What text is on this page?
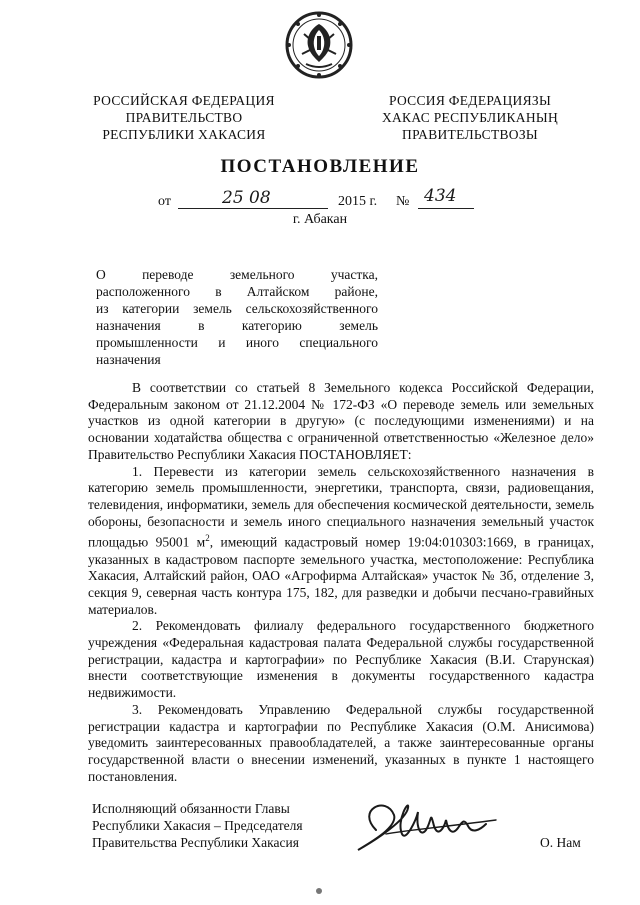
РОССИЙСКАЯ ФЕДЕРАЦИЯ
ПРАВИТЕЛЬСТВО
РЕСПУБЛИКИ ХАКАСИЯ
РОССИЯ ФЕДЕРАЦИЯЗЫ
ХАКАС РЕСПУБЛИКАНЫҢ
ПРАВИТЕЛЬСТВОЗЫ
ПОСТАНОВЛЕНИЕ
от	25 08	2015 г. № 434
г. Абакан
О переводе земельного участка,
расположенного в Алтайском районе,
из категории земель сельскохозяйственного
назначения в категорию земель
промышленности и иного специального
назначения

В соответствии со статьей 8 Земельного кодекса Российской Федерации, Федеральным законом от 21.12.2004 № 172-ФЗ «О переводе земель или земельных участков из одной категории в другую» (с последующими изменениями) и на основании ходатайства общества с ограниченной ответственностью «Железное дело» Правительство Республики Хакасия ПОСТАНОВЛЯЕТ:

1. Перевести из категории земель сельскохозяйственного назначения в категорию земель промышленности, энергетики, транспорта, связи, радиовещания, телевидения, информатики, земель для обеспечения космической деятельности, земель обороны, безопасности и земель иного специального назначения земельный участок площадью 95001 $м^2$, имеющий кадастровый номер 19:04:010303:1669, в границах, указанных в кадастровом паспорте земельного участка, местоположение: Республика Хакасия, Алтайский район, ОАО «Агрофирма Алтайская» участок № 3б, отделение 3, секция 9, северная часть контура 175, 182, для разведки и добычи песчано-гравийных материалов.

2. Рекомендовать филиалу федерального государственного бюджетного учреждения «Федеральная кадастровая палата Федеральной службы государственной регистрации, кадастра и картографии» по Республике Хакасия (В.И. Старунская) внести соответствующие изменения в документы государственного кадастра недвижимости.

3. Рекомендовать Управлению Федеральной службы государственной регистрации кадастра и картографии по Республике Хакасия (О.М. Анисимова) уведомить заинтересованных правообладателей, а также заинтересованные органы государственной власти о внесении изменений, указанных в пункте 1 настоящего постановления.

Исполняющий обязанности Главы
Республики Хакасия – Председателя
Правительства Республики Хакасия	О. Нам
